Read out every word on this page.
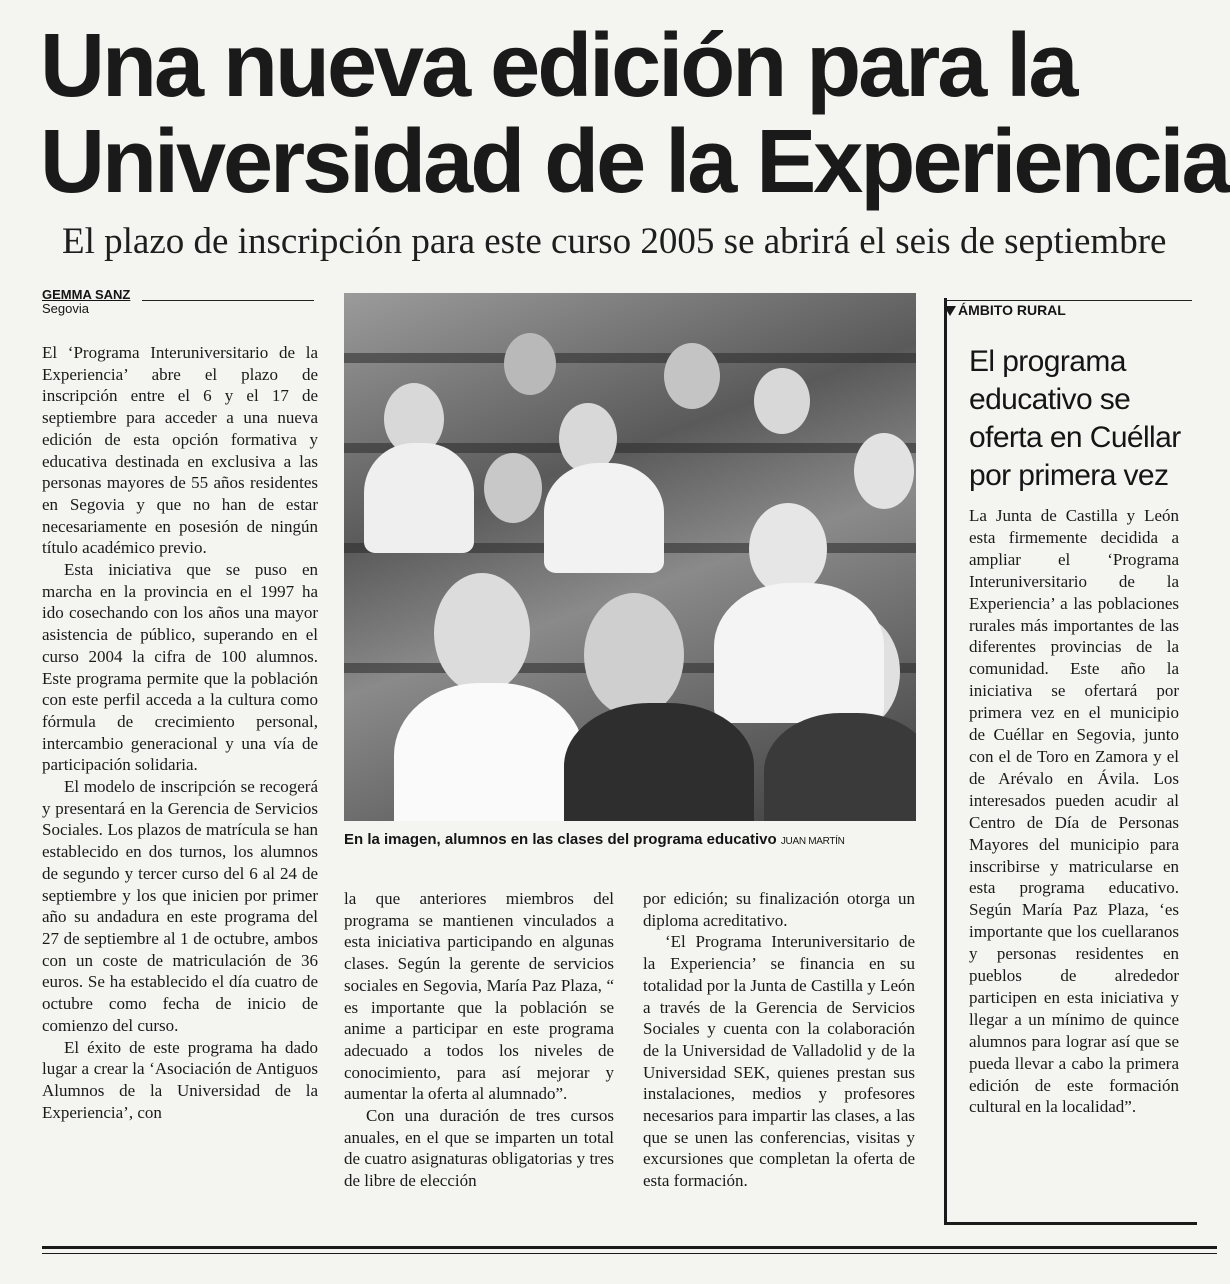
Una nueva edición para la
Universidad de la Experiencia
El plazo de inscripción para este curso 2005 se abrirá el seis de septiembre
GEMMA SANZ
Segovia

El ‘Programa Interuniversitario de la Experiencia’ abre el plazo de inscripción entre el 6 y el 17 de septiembre para acceder a una nueva edición de esta opción formativa y educativa destinada en exclusiva a las personas mayores de 55 años residentes en Segovia y que no han de estar necesariamente en posesión de ningún título académico previo.

Esta iniciativa que se puso en marcha en la provincia en el 1997 ha ido cosechando con los años una mayor asistencia de público, superando en el curso 2004 la cifra de 100 alumnos. Este programa permite que la población con este perfil acceda a la cultura como fórmula de crecimiento personal, intercambio generacional y una vía de participación solidaria.

El modelo de inscripción se recogerá y presentará en la Gerencia de Servicios Sociales. Los plazos de matrícula se han establecido en dos turnos, los alumnos de segundo y tercer curso del 6 al 24 de septiembre y los que inicien por primer año su andadura en este programa del 27 de septiembre al 1 de octubre, ambos con un coste de matriculación de 36 euros. Se ha establecido el día cuatro de octubre como fecha de inicio de comienzo del curso.

El éxito de este programa ha dado lugar a crear la ‘Asociación de Antiguos Alumnos de la Universidad de la Experiencia’, con

En la imagen, alumnos en las clases del programa educativo JUAN MARTÍN

la que anteriores miembros del programa se mantienen vinculados a esta iniciativa participando en algunas clases. Según la gerente de servicios sociales en Segovia, María Paz Plaza, “ es importante que la población se anime a participar en este programa adecuado a todos los niveles de conocimiento, para así mejorar y aumentar la oferta al alumnado”.

Con una duración de tres cursos anuales, en el que se imparten un total de cuatro asignaturas obligatorias y tres de libre de elección

por edición; su finalización otorga un diploma acreditativo.

‘El Programa Interuniversitario de la Experiencia’ se financia en su totalidad por la Junta de Castilla y León a través de la Gerencia de Servicios Sociales y cuenta con la colaboración de la Universidad de Valladolid y de la Universidad SEK, quienes prestan sus instalaciones, medios y profesores necesarios para impartir las clases, a las que se unen las conferencias, visitas y excursiones que completan la oferta de esta formación.

ÁMBITO RURAL
El programa educativo se oferta en Cuéllar por primera vez

La Junta de Castilla y León esta firmemente decidida a ampliar el ‘Programa Interuniversitario de la Experiencia’ a las poblaciones rurales más importantes de las diferentes provincias de la comunidad. Este año la iniciativa se ofertará por primera vez en el municipio de Cuéllar en Segovia, junto con el de Toro en Zamora y el de Arévalo en Ávila. Los interesados pueden acudir al Centro de Día de Personas Mayores del municipio para inscribirse y matricularse en esta programa educativo. Según María Paz Plaza, ‘es importante que los cuellaranos y personas residentes en pueblos de alrededor participen en esta iniciativa y llegar a un mínimo de quince alumnos para lograr así que se pueda llevar a cabo la primera edición de este formación cultural en la localidad”.
